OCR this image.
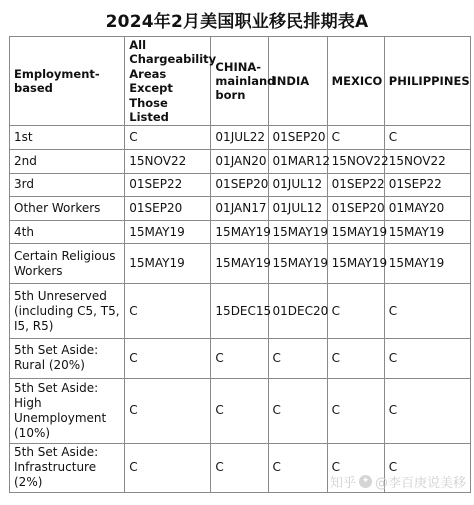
2024年2月美国职业移民排期表A
Employment-based	All Chargeability Areas Except Those Listed	CHINA-mainland born	INDIA	MEXICO	PHILIPPINES
1st	C	01JUL22	01SEP20	C	C
2nd	15NOV22	01JAN20	01MAR12	15NOV22	15NOV22
3rd	01SEP22	01SEP20	01JUL12	01SEP22	01SEP22
Other Workers	01SEP20	01JAN17	01JUL12	01SEP20	01MAY20
4th	15MAY19	15MAY19	15MAY19	15MAY19	15MAY19
Certain Religious Workers	15MAY19	15MAY19	15MAY19	15MAY19	15MAY19
5th Unreserved (including C5, T5, I5, R5)	C	15DEC15	01DEC20	C	C
5th Set Aside: Rural (20%)	C	C	C	C	C
5th Set Aside: High Unemployment (10%)	C	C	C	C	C
5th Set Aside: Infrastructure (2%)	C	C	C	C	C
知乎 ✦ @李百庚说美移
